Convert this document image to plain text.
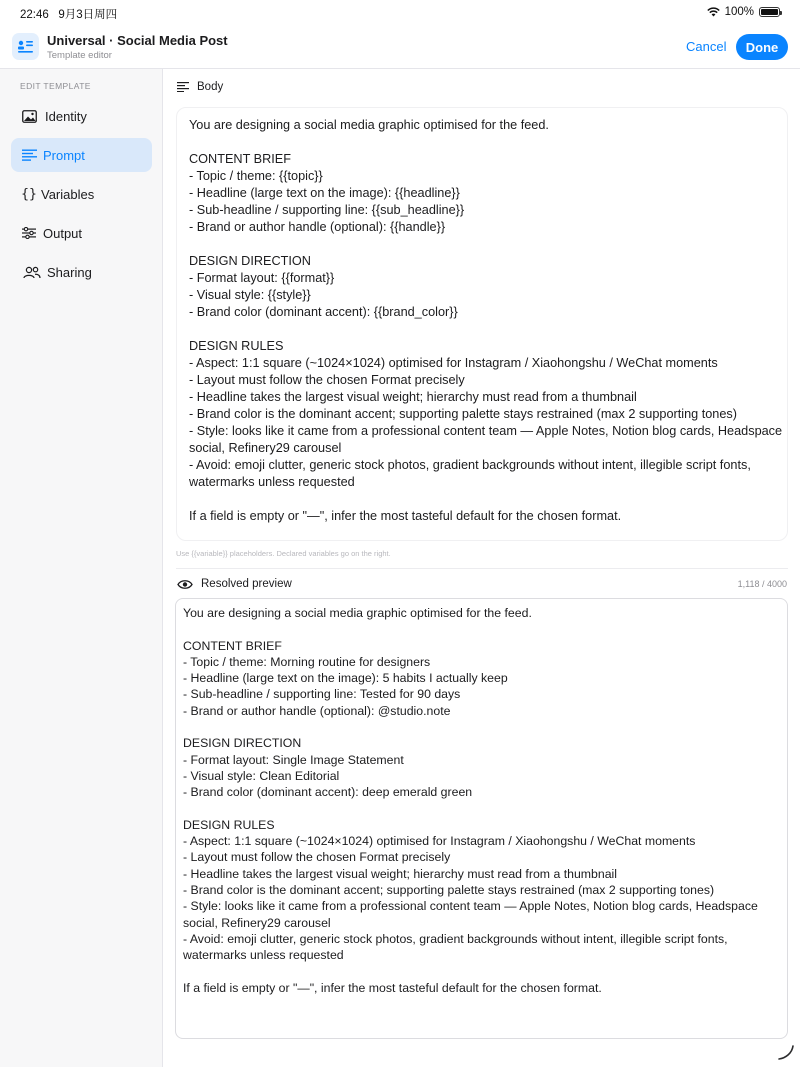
22:46 9月3日周四	100%
Universal · Social Media Post
Template editor
Cancel	Done
EDIT TEMPLATE
Identity
Prompt
{} Variables
Output
Sharing
Body
You are designing a social media graphic optimised for the feed.

CONTENT BRIEF
- Topic / theme: {{topic}}
- Headline (large text on the image): {{headline}}
- Sub-headline / supporting line: {{sub_headline}}
- Brand or author handle (optional): {{handle}}

DESIGN DIRECTION
- Format layout: {{format}}
- Visual style: {{style}}
- Brand color (dominant accent): {{brand_color}}

DESIGN RULES
- Aspect: 1:1 square (~1024×1024) optimised for Instagram / Xiaohongshu / WeChat moments
- Layout must follow the chosen Format precisely
- Headline takes the largest visual weight; hierarchy must read from a thumbnail
- Brand color is the dominant accent; supporting palette stays restrained (max 2 supporting tones)
- Style: looks like it came from a professional content team — Apple Notes, Notion blog cards, Headspace social, Refinery29 carousel
- Avoid: emoji clutter, generic stock photos, gradient backgrounds without intent, illegible script fonts, watermarks unless requested

If a field is empty or "—", infer the most tasteful default for the chosen format.
Use {{variable}} placeholders. Declared variables go on the right.
Resolved preview	1,118 / 4000
You are designing a social media graphic optimised for the feed.

CONTENT BRIEF
- Topic / theme: Morning routine for designers
- Headline (large text on the image): 5 habits I actually keep
- Sub-headline / supporting line: Tested for 90 days
- Brand or author handle (optional): @studio.note

DESIGN DIRECTION
- Format layout: Single Image Statement
- Visual style: Clean Editorial
- Brand color (dominant accent): deep emerald green

DESIGN RULES
- Aspect: 1:1 square (~1024×1024) optimised for Instagram / Xiaohongshu / WeChat moments
- Layout must follow the chosen Format precisely
- Headline takes the largest visual weight; hierarchy must read from a thumbnail
- Brand color is the dominant accent; supporting palette stays restrained (max 2 supporting tones)
- Style: looks like it came from a professional content team — Apple Notes, Notion blog cards, Headspace social, Refinery29 carousel
- Avoid: emoji clutter, generic stock photos, gradient backgrounds without intent, illegible script fonts, watermarks unless requested

If a field is empty or "—", infer the most tasteful default for the chosen format.
